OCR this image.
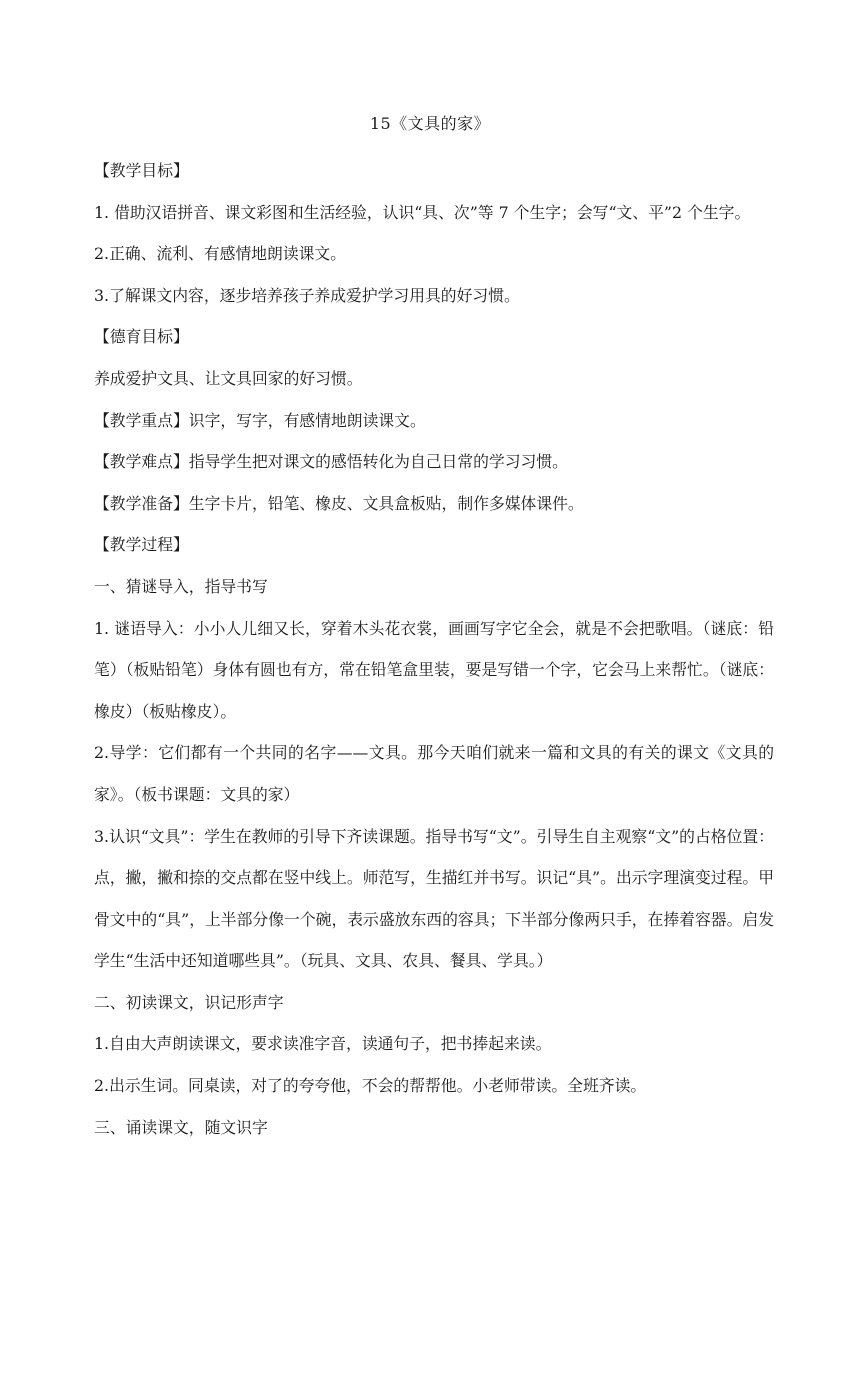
15《文具的家》

【教学目标】

1. 借助汉语拼音、课文彩图和生活经验，认识“具、次”等 7 个生字；会写“文、平”2 个生字。

2.正确、流利、有感情地朗读课文。

3.了解课文内容，逐步培养孩子养成爱护学习用具的好习惯。

【德育目标】

养成爱护文具、让文具回家的好习惯。

【教学重点】识字，写字，有感情地朗读课文。

【教学难点】指导学生把对课文的感悟转化为自己日常的学习习惯。

【教学准备】生字卡片，铅笔、橡皮、文具盒板贴，制作多媒体课件。

【教学过程】

一、猜谜导入，指导书写

1. 谜语导入：小小人儿细又长，穿着木头花衣裳，画画写字它全会，就是不会把歌唱。（谜底：铅笔）（板贴铅笔）身体有圆也有方，常在铅笔盒里装，要是写错一个字，它会马上来帮忙。（谜底：橡皮）（板贴橡皮）。

2.导学：它们都有一个共同的名字——文具。那今天咱们就来一篇和文具的有关的课文《文具的家》。（板书课题：文具的家）

3.认识“文具”：学生在教师的引导下齐读课题。指导书写“文”。引导生自主观察“文”的占格位置：点，撇，撇和捺的交点都在竖中线上。师范写，生描红并书写。识记“具”。出示字理演变过程。甲骨文中的“具”，上半部分像一个碗，表示盛放东西的容具；下半部分像两只手，在捧着容器。启发学生“生活中还知道哪些具”。（玩具、文具、农具、餐具、学具。）

二、初读课文，识记形声字

1.自由大声朗读课文，要求读准字音，读通句子，把书捧起来读。

2.出示生词。同桌读，对了的夸夸他，不会的帮帮他。小老师带读。全班齐读。

三、诵读课文，随文识字
